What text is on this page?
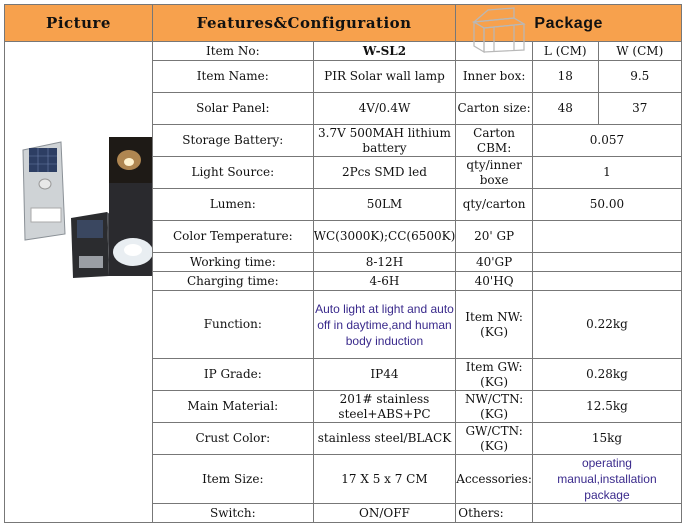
Picture	Features&Configuration		Package		

	Item No:	W-SL2		L (CM)	W (CM)
	Item Name:	PIR Solar wall lamp	Inner box:	18	9.5
	Solar Panel:	4V/0.4W	Carton size:	48	37
	Storage Battery:	3.7V 500MAH lithium battery	Carton CBM:	0.057	
	Light Source:	2Pcs SMD led	qty/inner boxe	1	
	Lumen:	50LM	qty/carton	50.00	
	Color Temperature:	WC(3000K);CC(6500K)	20' GP		
	Working time:	8-12H	40'GP		
	Charging time:	4-6H	40'HQ		
	Function:	Auto light at light and auto off in daytime,and human body induction	Item NW:(KG)	0.22kg	
	IP Grade:	IP44	Item GW:(KG)	0.28kg	
	Main Material:	201# stainless steel+ABS+PC	NW/CTN:(KG)	12.5kg	
	Crust Color:	stainless steel/BLACK	GW/CTN:(KG)	15kg	
	Item Size:	17 X 5 x 7 CM	Accessories:	operating manual,installation package	
	Switch:	ON/OFF	Others:		
